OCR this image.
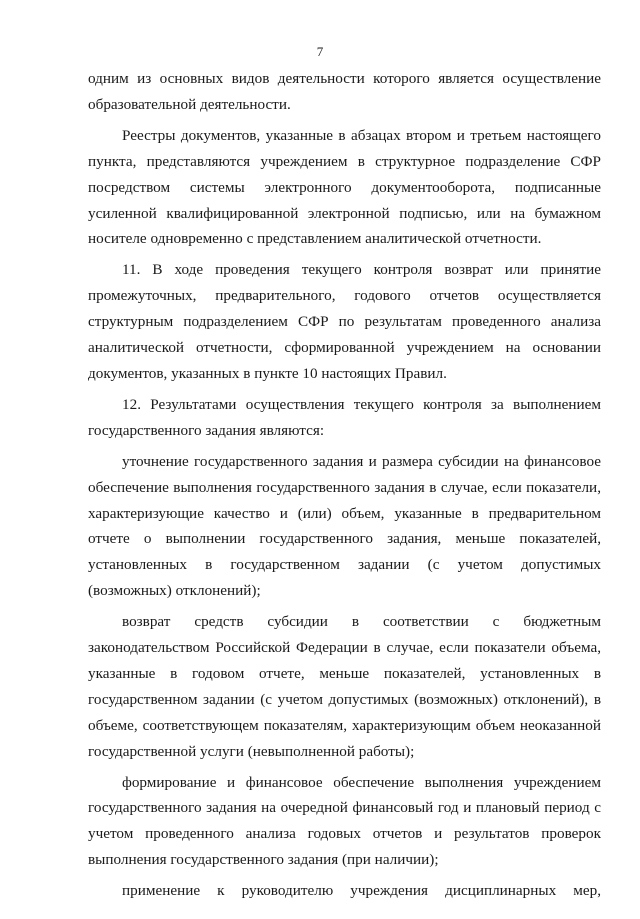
7

одним из основных видов деятельности которого является осуществление образовательной деятельности.

Реестры документов, указанные в абзацах втором и третьем настоящего пункта, представляются учреждением в структурное подразделение СФР посредством системы электронного документооборота, подписанные усиленной квалифицированной электронной подписью, или на бумажном носителе одновременно с представлением аналитической отчетности.

11. В ходе проведения текущего контроля возврат или принятие промежуточных, предварительного, годового отчетов осуществляется структурным подразделением СФР по результатам проведенного анализа аналитической отчетности, сформированной учреждением на основании документов, указанных в пункте 10 настоящих Правил.

12. Результатами осуществления текущего контроля за выполнением государственного задания являются:

уточнение государственного задания и размера субсидии на финансовое обеспечение выполнения государственного задания в случае, если показатели, характеризующие качество и (или) объем, указанные в предварительном отчете о выполнении государственного задания, меньше показателей, установленных в государственном задании (с учетом допустимых (возможных) отклонений);

возврат средств субсидии в соответствии с бюджетным законодательством Российской Федерации в случае, если показатели объема, указанные в годовом отчете, меньше показателей, установленных в государственном задании (с учетом допустимых (возможных) отклонений), в объеме, соответствующем показателям, характеризующим объем неоказанной государственной услуги (невыполненной работы);

формирование и финансовое обеспечение выполнения учреждением государственного задания на очередной финансовый год и плановый период с учетом проведенного анализа годовых отчетов и результатов проверок выполнения государственного задания (при наличии);

применение к руководителю учреждения дисциплинарных мер,
